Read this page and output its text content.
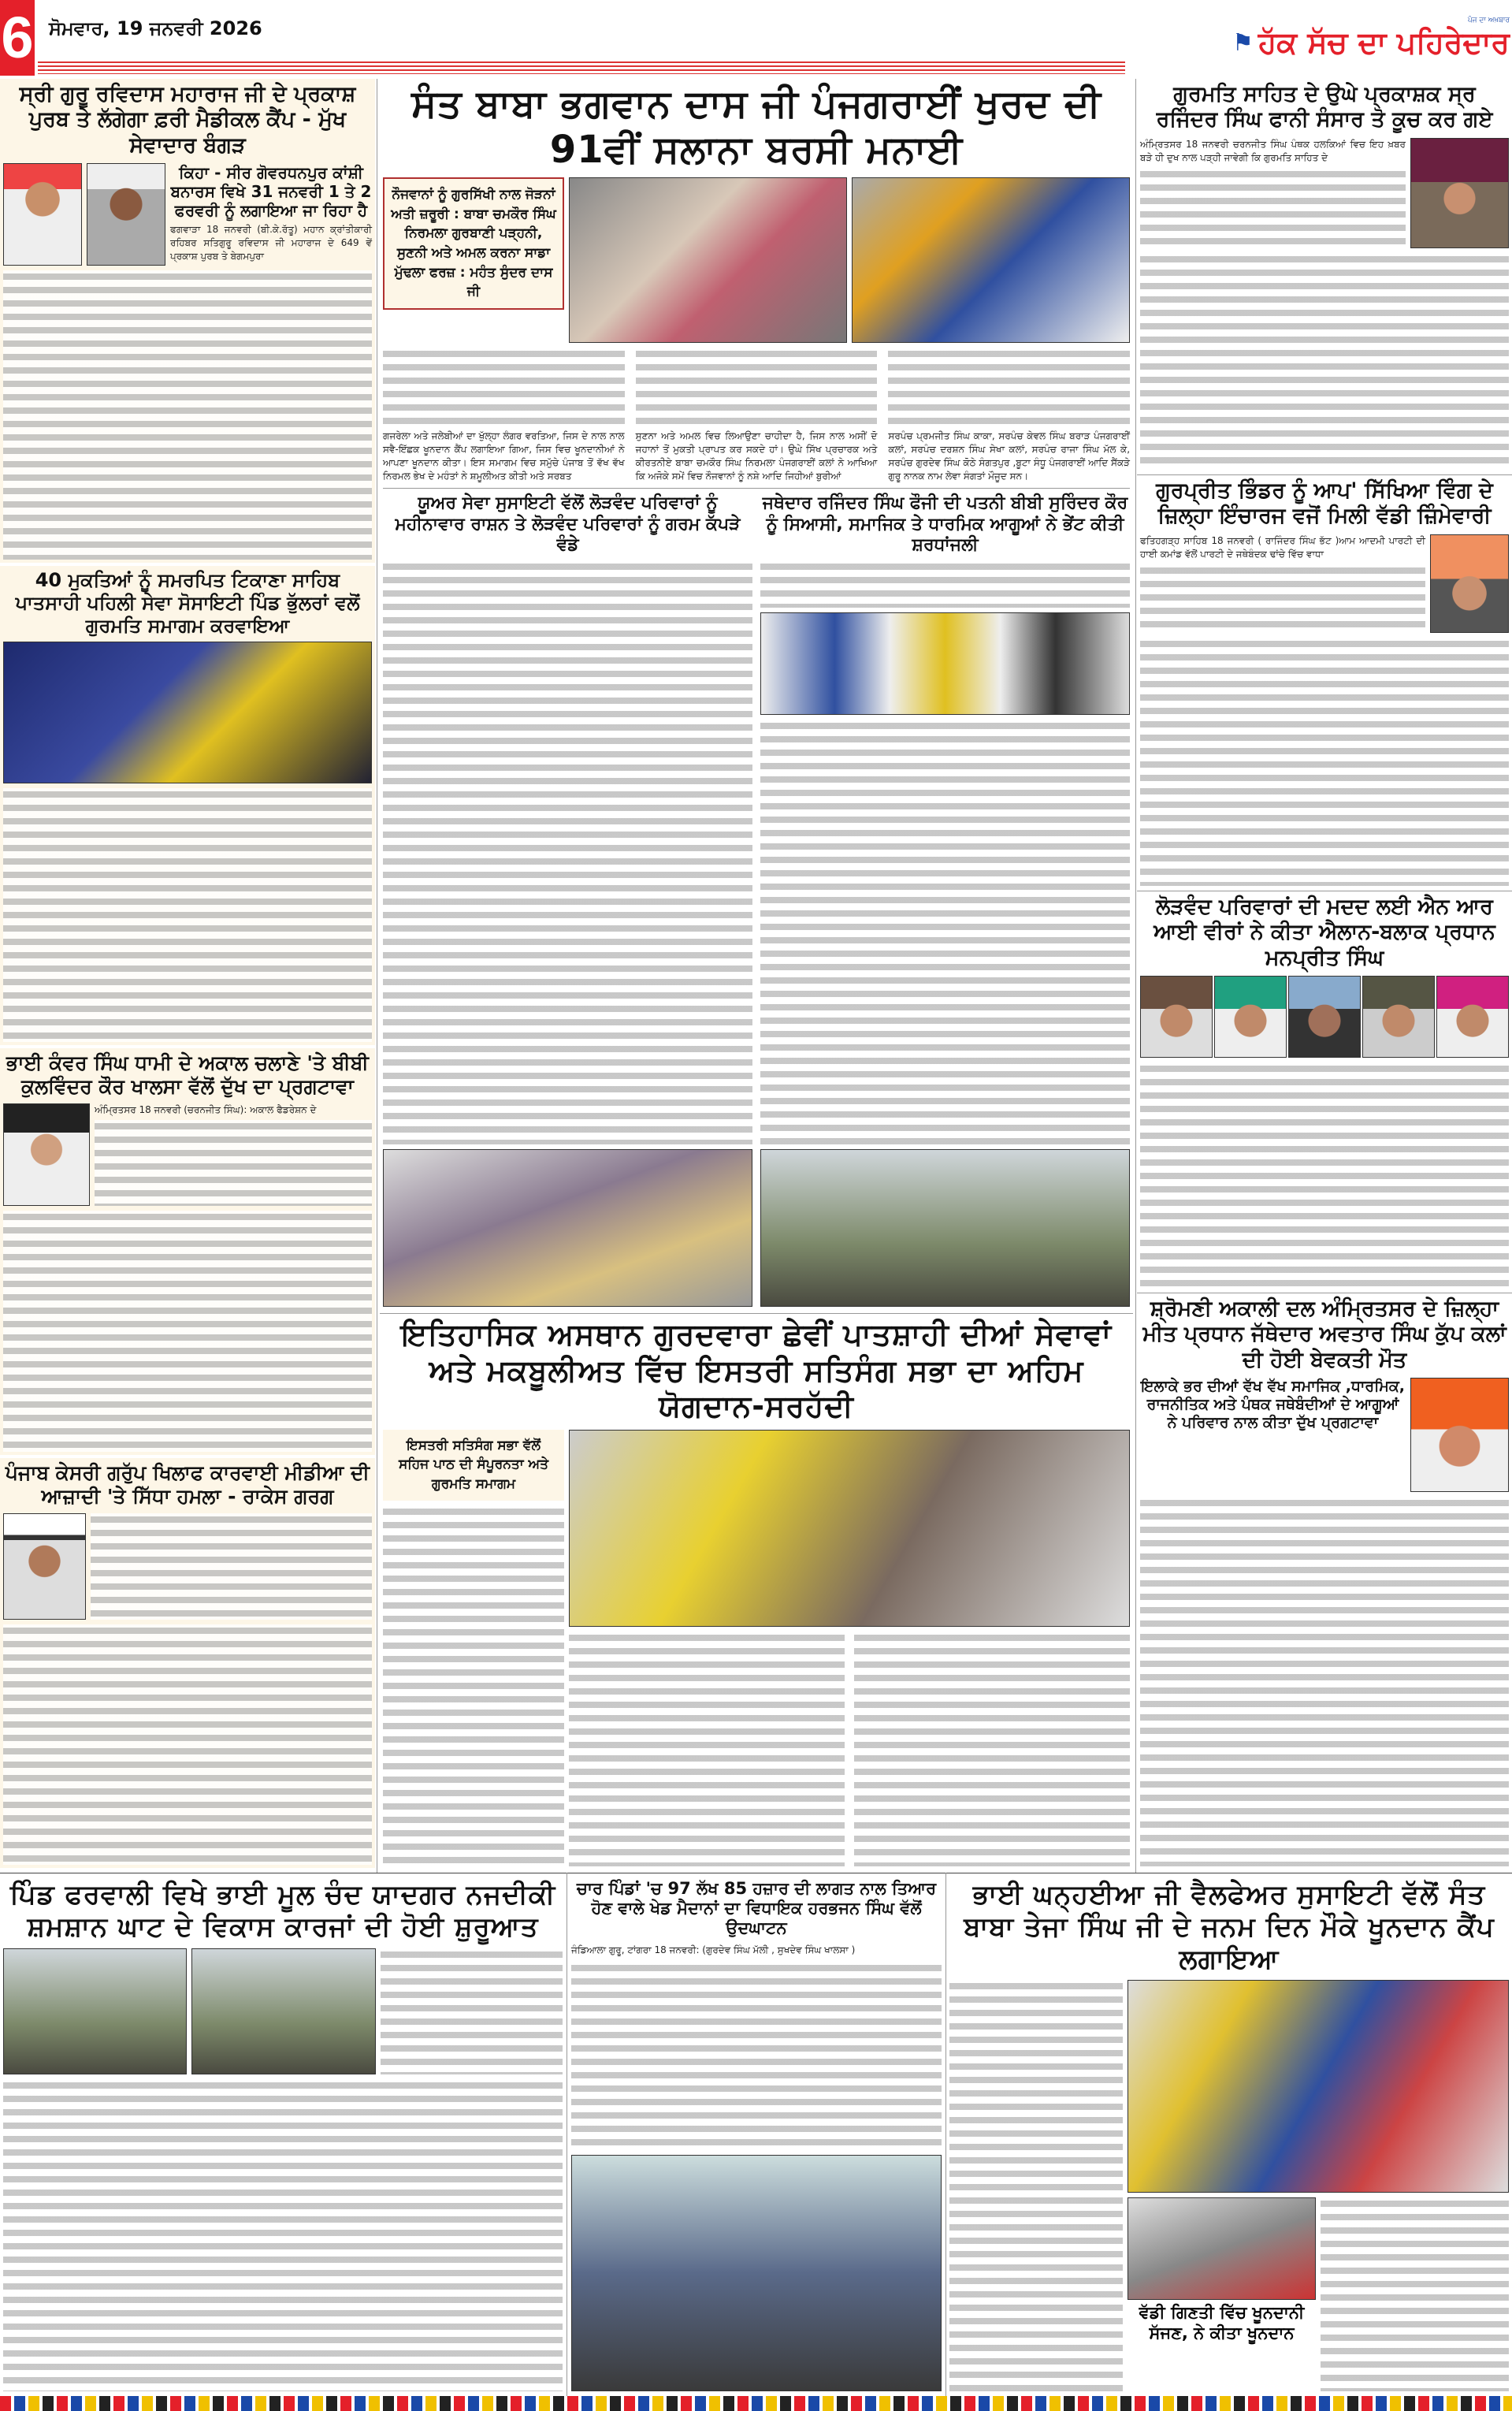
6 ਸੋਮਵਾਰ, 19 ਜਨਵਰੀ 2026	ਪੰਜ ਦਾ ਅਖ਼ਬਾਰ
⚑ ਹੱਕ ਸੱਚ ਦਾ ਪਹਿਰੇਦਾਰ
ਸ੍ਰੀ ਗੁਰੂ ਰਵਿਦਾਸ ਮਹਾਰਾਜ ਜੀ ਦੇ ਪ੍ਰਕਾਸ਼ ਪੁਰਬ ਤੇ ਲੱਗੇਗਾ ਫ਼ਰੀ ਮੈਡੀਕਲ ਕੈਂਪ - ਮੁੱਖ ਸੇਵਾਦਾਰ ਬੰਗੜ
ਕਿਹਾ - ਸੀਰ ਗੋਵਰਧਨਪੁਰ ਕਾਂਸ਼ੀ ਬਨਾਰਸ ਵਿਖੇ 31 ਜਨਵਰੀ 1 ਤੇ 2 ਫਰਵਰੀ ਨੂੰ ਲਗਾਇਆ ਜਾ ਰਿਹਾ ਹੈ

ਫਗਵਾੜਾ 18 ਜਨਵਰੀ (ਬੀ.ਕੇ.ਰੱਤੂ) ਮਹਾਨ ਕ੍ਰਾਂਤੀਕਾਰੀ ਰਹਿਬਰ ਸਤਿਗੁਰੂ ਰਵਿਦਾਸ ਜੀ ਮਹਾਰਾਜ ਦੇ 649 ਵੇਂ ਪ੍ਰਕਾਸ਼ ਪੁਰਬ ਤੇ ਬੇਗਮਪੁਰਾ

40 ਮੁਕਤਿਆਂ ਨੂੰ ਸਮਰਪਿਤ ਟਿਕਾਣਾ ਸਾਹਿਬ ਪਾਤਸਾਹੀ ਪਹਿਲੀ ਸੇਵਾ ਸੋਸਾਇਟੀ ਪਿੰਡ ਭੁੱਲਰਾਂ ਵਲੋਂ ਗੁਰਮਤਿ ਸਮਾਗਮ ਕਰਵਾਇਆ
ਭਾਈ ਕੰਵਰ ਸਿੰਘ ਧਾਮੀ ਦੇ ਅਕਾਲ ਚਲਾਣੇ 'ਤੇ ਬੀਬੀ ਕੁਲਵਿੰਦਰ ਕੌਰ ਖਾਲਸਾ ਵੱਲੋਂ ਦੁੱਖ ਦਾ ਪ੍ਰਗਟਾਵਾ

ਅੰਮ੍ਰਿਤਸਰ 18 ਜਨਵਰੀ (ਚਰਨਜੀਤ ਸਿੰਘ): ਅਕਾਲ ਫੈਡਰੇਸ਼ਨ ਦੇ

ਪੰਜਾਬ ਕੇਸਰੀ ਗਰੁੱਪ ਖਿਲਾਫ ਕਾਰਵਾਈ ਮੀਡੀਆ ਦੀ ਆਜ਼ਾਦੀ 'ਤੇ ਸਿੱਧਾ ਹਮਲਾ - ਰਾਕੇਸ ਗਰਗ
ਸੰਤ ਬਾਬਾ ਭਗਵਾਨ ਦਾਸ ਜੀ ਪੰਜਗਰਾਈਂ ਖੁਰਦ ਦੀ 91ਵੀਂ ਸਲਾਨਾ ਬਰਸੀ ਮਨਾਈ
ਨੌਜਵਾਨਾਂ ਨੂੰ ਗੁਰਸਿੱਖੀ ਨਾਲ ਜੋੜਨਾਂ ਅਤੀ ਜ਼ਰੂਰੀ : ਬਾਬਾ ਚਮਕੌਰ ਸਿੰਘ ਨਿਰਮਲਾ ਗੁਰਬਾਣੀ ਪੜ੍ਹਨੀ, ਸੁਣਨੀ ਅਤੇ ਅਮਲ ਕਰਨਾ ਸਾਡਾ ਮੁੱਢਲਾ ਫਰਜ਼ : ਮਹੰਤ ਸੁੰਦਰ ਦਾਸ ਜੀ

ਗਜਰੇਲਾ ਅਤੇ ਜਲੇਬੀਆਂ ਦਾ ਖੁੱਲ੍ਹਾ ਲੰਗਰ ਵਰਤਿਆ, ਜਿਸ ਦੇ ਨਾਲ ਨਾਲ ਸਵੈ-ਇੱਛਕ ਖੂਨਦਾਨ ਕੈਂਪ ਲਗਾਇਆ ਗਿਆ, ਜਿਸ ਵਿਚ ਖੂਨਦਾਨੀਆਂ ਨੇ ਆਪਣਾ ਖੂਨਦਾਨ ਕੀਤਾ। ਇਸ ਸਮਾਗਮ ਵਿਚ ਸਮੁੱਚੇ ਪੰਜਾਬ ਤੋਂ ਵੱਖ ਵੱਖ ਨਿਰਮਲ ਭੇਖ ਦੇ ਮਹੰਤਾਂ ਨੇ ਸ਼ਮੂਲੀਅਤ ਕੀਤੀ ਅਤੇ ਸਰਬਤ

ਸੁਣਨਾ ਅਤੇ ਅਮਲ ਵਿਚ ਲਿਆਉਣਾ ਚਾਹੀਦਾ ਹੈ, ਜਿਸ ਨਾਲ ਅਸੀਂ ਦੋ ਜਹਾਨਾਂ ਤੋਂ ਮੁਕਤੀ ਪ੍ਰਾਪਤ ਕਰ ਸਕਦੇ ਹਾਂ। ਉਘੇ ਸਿੱਖ ਪ੍ਰਚਾਰਕ ਅਤੇ ਕੀਰਤਨੀਏ ਬਾਬਾ ਚਮਕੌਰ ਸਿੰਘ ਨਿਰਮਲਾ ਪੰਜਗਰਾਈਂ ਕਲਾਂ ਨੇ ਆਖਿਆ ਕਿ ਅਜੋਕੇ ਸਮੇਂ ਵਿਚ ਨੌਜਵਾਨਾਂ ਨੂੰ ਨਸ਼ੇ ਆਦਿ ਜਿਹੀਆਂ ਬੁਰੀਆਂ

ਸਰਪੰਚ ਪ੍ਰਮਜੀਤ ਸਿੰਘ ਕਾਕਾ, ਸਰਪੰਚ ਕੇਵਲ ਸਿੰਘ ਬਰਾੜ ਪੰਜਗਰਾਈਂ ਕਲਾਂ, ਸਰਪੰਚ ਦਰਸ਼ਨ ਸਿੰਘ ਸੇਖਾ ਕਲਾਂ, ਸਰਪੰਚ ਰਾਜਾ ਸਿੰਘ ਮੱਲ ਕੇ, ਸਰਪੰਚ ਗੁਰਦੇਵ ਸਿੰਘ ਕੋਠੇ ਸੰਗਤਪੁਰ ,ਬੂਟਾ ਸੰਧੂ ਪੰਜਗਰਾਈਂ ਆਦਿ ਸੈਂਕੜੇ ਗੁਰੂ ਨਾਨਕ ਨਾਮ ਲੇਵਾ ਸੰਗਤਾਂ ਮੌਜੂਦ ਸਨ।

ਯੂਅਰ ਸੇਵਾ ਸੁਸਾਇਟੀ ਵੱਲੋਂ ਲੋੜਵੰਦ ਪਰਿਵਾਰਾਂ ਨੂੰ ਮਹੀਨਾਵਾਰ ਰਾਸ਼ਨ ਤੇ ਲੋੜਵੰਦ ਪਰਿਵਾਰਾਂ ਨੂੰ ਗਰਮ ਕੱਪੜੇ ਵੰਡੇ
ਜਥੇਦਾਰ ਰਜਿੰਦਰ ਸਿੰਘ ਫੌਜੀ ਦੀ ਪਤਨੀ ਬੀਬੀ ਸੁਰਿੰਦਰ ਕੌਰ ਨੂੰ ਸਿਆਸੀ, ਸਮਾਜਿਕ ਤੇ ਧਾਰਮਿਕ ਆਗੂਆਂ ਨੇ ਭੇਂਟ ਕੀਤੀ ਸ਼ਰਧਾਂਜਲੀ
ਇਤਿਹਾਸਿਕ ਅਸਥਾਨ ਗੁਰਦਵਾਰਾ ਛੇਵੀਂ ਪਾਤਸ਼ਾਹੀ ਦੀਆਂ ਸੇਵਾਵਾਂ ਅਤੇ ਮਕਬੂਲੀਅਤ ਵਿੱਚ ਇਸਤਰੀ ਸਤਿਸੰਗ ਸਭਾ ਦਾ ਅਹਿਮ ਯੋਗਦਾਨ-ਸਰਹੱਦੀ
ਇਸਤਰੀ ਸਤਿਸੰਗ ਸਭਾ ਵੱਲੋਂ ਸਹਿਜ ਪਾਠ ਦੀ ਸੰਪੂਰਨਤਾ ਅਤੇ ਗੁਰਮਤਿ ਸਮਾਗਮ
ਗੁਰਮਤਿ ਸਾਹਿਤ ਦੇ ਉਘੇ ਪ੍ਰਕਾਸ਼ਕ ਸ੍ਰ ਰਜਿੰਦਰ ਸਿੰਘ ਫਾਨੀ ਸੰਸਾਰ ਤੋ ਕੂਚ ਕਰ ਗਏ

ਅੰਮ੍ਰਿਤਸਰ 18 ਜਨਵਰੀ ਚਰਨਜੀਤ ਸਿੰਘ ਪੰਥਕ ਹਲਕਿਆਂ ਵਿਚ ਇਹ ਖ਼ਬਰ ਬੜੇ ਹੀ ਦੁਖ ਨਾਲ ਪੜ੍ਹੀ ਜਾਵੇਗੀ ਕਿ ਗੁਰਮਤਿ ਸਾਹਿਤ ਦੇ

ਗੁਰਪ੍ਰੀਤ ਭਿੰਡਰ ਨੂੰ ਆਪ' ਸਿੱਖਿਆ ਵਿੰਗ ਦੇ ਜ਼ਿਲ੍ਹਾ ਇੰਚਾਰਜ ਵਜੋਂ ਮਿਲੀ ਵੱਡੀ ਜ਼ਿੰਮੇਵਾਰੀ

ਫਤਿਹਗੜ੍ਹ ਸਾਹਿਬ 18 ਜਨਵਰੀ ( ਰਾਜਿੰਦਰ ਸਿੰਘ ਭੱਟ )ਆਮ ਆਦਮੀ ਪਾਰਟੀ ਦੀ ਹਾਈ ਕਮਾਂਡ ਵੱਲੋਂ ਪਾਰਟੀ ਦੇ ਜਥੇਬੰਦਕ ਢਾਂਚੇ ਵਿੱਚ ਵਾਧਾ

ਲੋੜਵੰਦ ਪਰਿਵਾਰਾਂ ਦੀ ਮਦਦ ਲਈ ਐਨ ਆਰ ਆਈ ਵੀਰਾਂ ਨੇ ਕੀਤਾ ਐਲਾਨ-ਬਲਾਕ ਪ੍ਰਧਾਨ ਮਨਪ੍ਰੀਤ ਸਿੰਘ
ਸ਼੍ਰੋਮਣੀ ਅਕਾਲੀ ਦਲ ਅੰਮ੍ਰਿਤਸਰ ਦੇ ਜ਼ਿਲ੍ਹਾ ਮੀਤ ਪ੍ਰਧਾਨ ਜੱਥੇਦਾਰ ਅਵਤਾਰ ਸਿੰਘ ਕੁੱਪ ਕਲਾਂ ਦੀ ਹੋਈ ਬੇਵਕਤੀ ਮੌਤ
ਇਲਾਕੇ ਭਰ ਦੀਆਂ ਵੱਖ ਵੱਖ ਸਮਾਜਿਕ ,ਧਾਰਮਿਕ, ਰਾਜਨੀਤਿਕ ਅਤੇ ਪੰਥਕ ਜਥੇਬੰਦੀਆਂ ਦੇ ਆਗੂਆਂ ਨੇ ਪਰਿਵਾਰ ਨਾਲ ਕੀਤਾ ਦੁੱਖ ਪ੍ਰਗਟਾਵਾ
ਪਿੰਡ ਫਰਵਾਲੀ ਵਿਖੇ ਭਾਈ ਮੂਲ ਚੰਦ ਯਾਦਗਰ ਨਜਦੀਕੀ ਸ਼ਮਸ਼ਾਨ ਘਾਟ ਦੇ ਵਿਕਾਸ ਕਾਰਜਾਂ ਦੀ ਹੋਈ ਸ਼ੁਰੂਆਤ
ਚਾਰ ਪਿੰਡਾਂ 'ਚ 97 ਲੱਖ 85 ਹਜ਼ਾਰ ਦੀ ਲਾਗਤ ਨਾਲ ਤਿਆਰ ਹੋਣ ਵਾਲੇ ਖੇਡ ਮੈਦਾਨਾਂ ਦਾ ਵਿਧਾਇਕ ਹਰਭਜਨ ਸਿੰਘ ਵੱਲੋਂ ਉਦਘਾਟਨ

ਜੰਡਿਆਲਾ ਗੁਰੂ, ਟਾਂਗਰਾ 18 ਜਨਵਰੀ: (ਗੁਰਦੇਵ ਸਿੰਘ ਮੱਲੀ , ਸੁਖਦੇਵ ਸਿੰਘ ਖਾਲਸਾ )

ਭਾਈ ਘਨ੍ਹਈਆ ਜੀ ਵੈਲਫੇਅਰ ਸੁਸਾਇਟੀ ਵੱਲੋਂ ਸੰਤ ਬਾਬਾ ਤੇਜਾ ਸਿੰਘ ਜੀ ਦੇ ਜਨਮ ਦਿਨ ਮੌਕੇ ਖੂਨਦਾਨ ਕੈਂਪ ਲਗਾਇਆ
ਵੱਡੀ ਗਿਣਤੀ ਵਿੱਚ ਖੂਨਦਾਨੀ ਸੱਜਣ, ਨੇ ਕੀਤਾ ਖੂਨਦਾਨ
